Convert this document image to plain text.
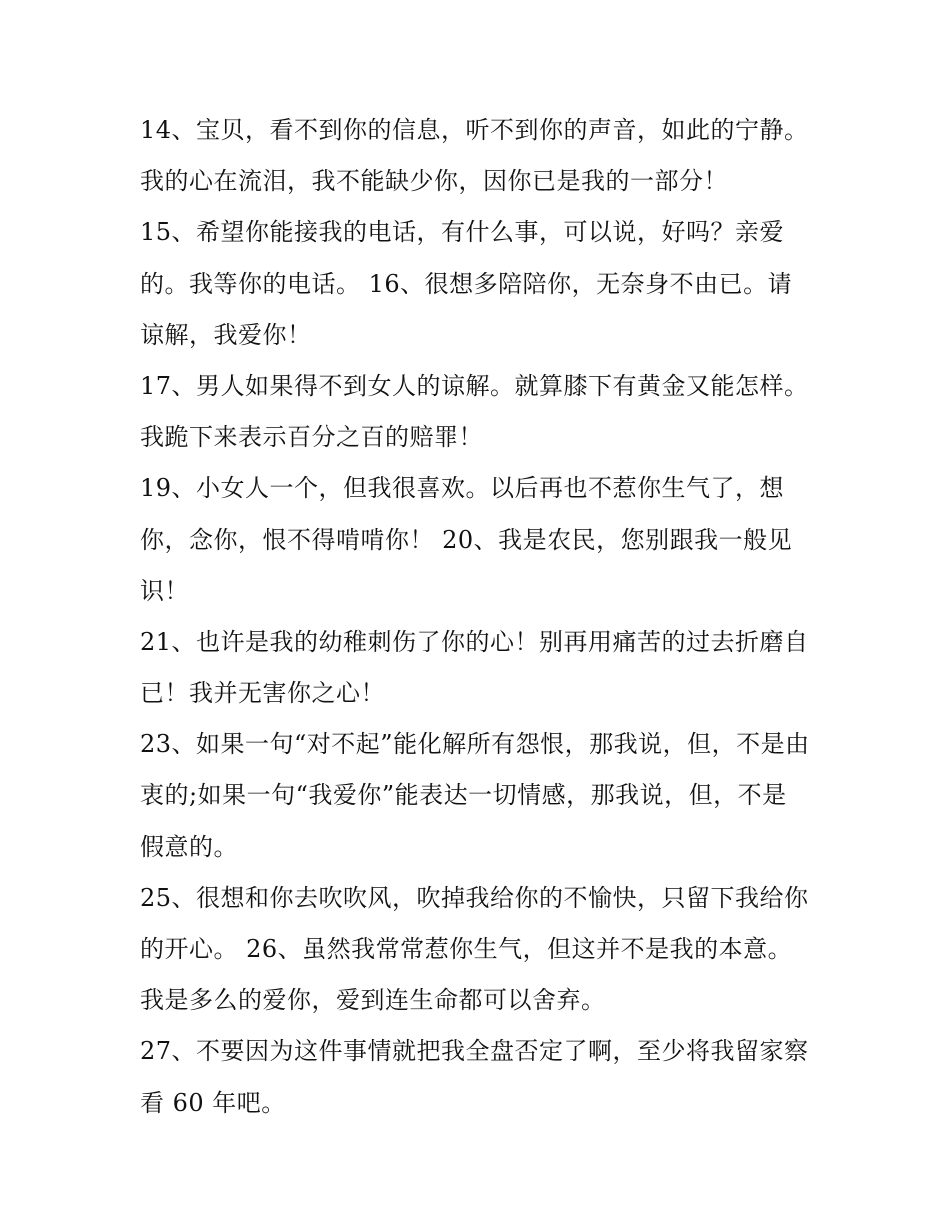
14、宝贝，看不到你的信息，听不到你的声音，如此的宁静。
我的心在流泪，我不能缺少你，因你已是我的一部分！
15、希望你能接我的电话，有什么事，可以说，好吗？亲爱
的。我等你的电话。 16、很想多陪陪你，无奈身不由已。请
谅解，我爱你！
17、男人如果得不到女人的谅解。就算膝下有黄金又能怎样。
我跪下来表示百分之百的赔罪！
19、小女人一个，但我很喜欢。以后再也不惹你生气了，想
你，念你，恨不得啃啃你！ 20、我是农民，您别跟我一般见
识！
21、也许是我的幼稚刺伤了你的心！别再用痛苦的过去折磨自
已！我并无害你之心！
23、如果一句“对不起”能化解所有怨恨，那我说，但，不是由
衷的;如果一句“我爱你”能表达一切情感，那我说，但，不是
假意的。
25、很想和你去吹吹风，吹掉我给你的不愉快，只留下我给你
的开心。 26、虽然我常常惹你生气，但这并不是我的本意。
我是多么的爱你，爱到连生命都可以舍弃。
27、不要因为这件事情就把我全盘否定了啊，至少将我留家察
看 60 年吧。
